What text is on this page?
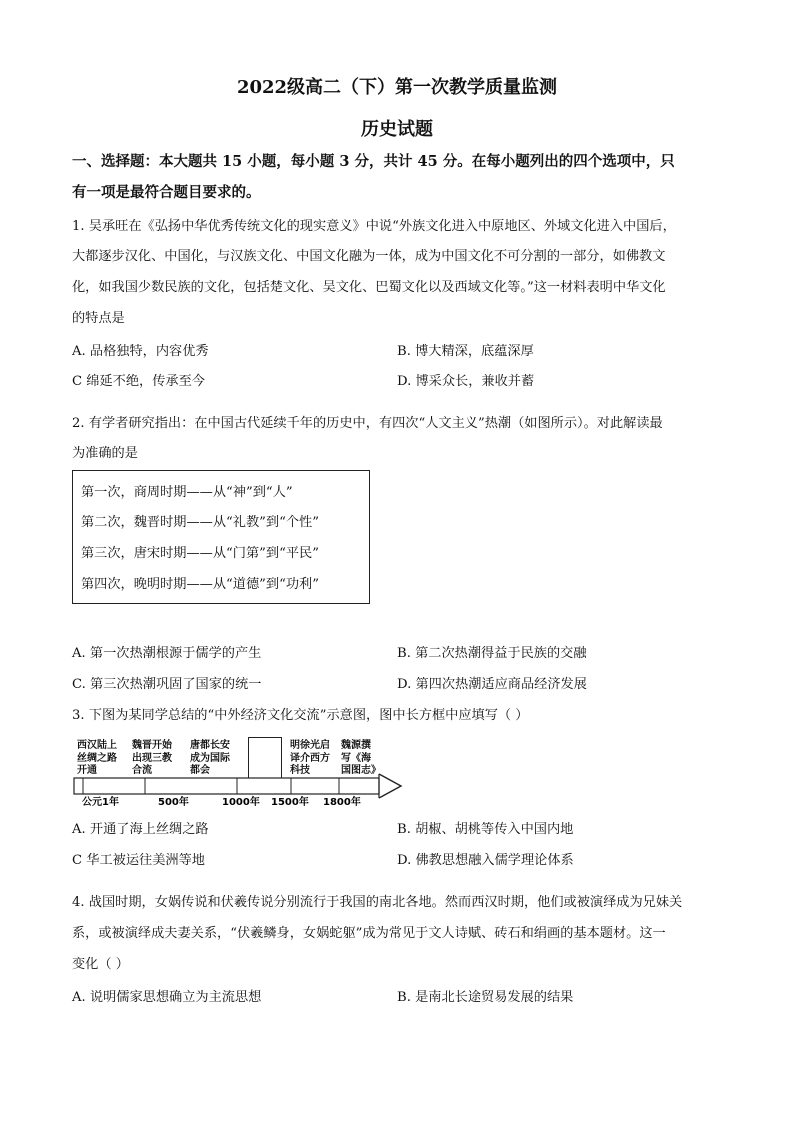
2022级高二（下）第一次教学质量监测
历史试题
一、选择题：本大题共 15 小题，每小题 3 分，共计 45 分。在每小题列出的四个选项中，只
有一项是最符合题目要求的。
1. 吴承旺在《弘扬中华优秀传统文化的现实意义》中说“外族文化进入中原地区、外域文化进入中国后，
大都逐步汉化、中国化，与汉族文化、中国文化融为一体，成为中国文化不可分割的一部分，如佛教文
化，如我国少数民族的文化，包括楚文化、吴文化、巴蜀文化以及西域文化等。”这一材料表明中华文化
的特点是
A. 品格独特，内容优秀	B. 博大精深，底蕴深厚
C 绵延不绝，传承至今	D. 博采众长，兼收并蓄
2. 有学者研究指出：在中国古代延续千年的历史中，有四次“人文主义”热潮（如图所示）。对此解读最
为准确的是
第一次，商周时期——从“神”到“人”
第二次，魏晋时期——从“礼教”到“个性”
第三次，唐宋时期——从“门第”到“平民”
第四次，晚明时期——从“道德”到“功利”
A. 第一次热潮根源于儒学的产生	B. 第二次热潮得益于民族的交融
C. 第三次热潮巩固了国家的统一	D. 第四次热潮适应商品经济发展
3. 下图为某同学总结的“中外经济文化交流”示意图，图中长方框中应填写（ ）
西汉陆上
丝绸之路
开通
魏晋开始
出现三教
合流
唐都长安
成为国际
都会
明徐光启
译介西方
科技
魏源撰
写《海
国图志》
公元1年	500年	1000年 1500年 1800年
A. 开通了海上丝绸之路	B. 胡椒、胡桃等传入中国内地
C 华工被运往美洲等地	D. 佛教思想融入儒学理论体系
4. 战国时期，女娲传说和伏羲传说分别流行于我国的南北各地。然而西汉时期，他们或被演绎成为兄妹关
系，或被演绎成夫妻关系，“伏羲鳞身，女娲蛇躯”成为常见于文人诗赋、砖石和绢画的基本题材。这一
变化（ ）
A. 说明儒家思想确立为主流思想	B. 是南北长途贸易发展的结果
